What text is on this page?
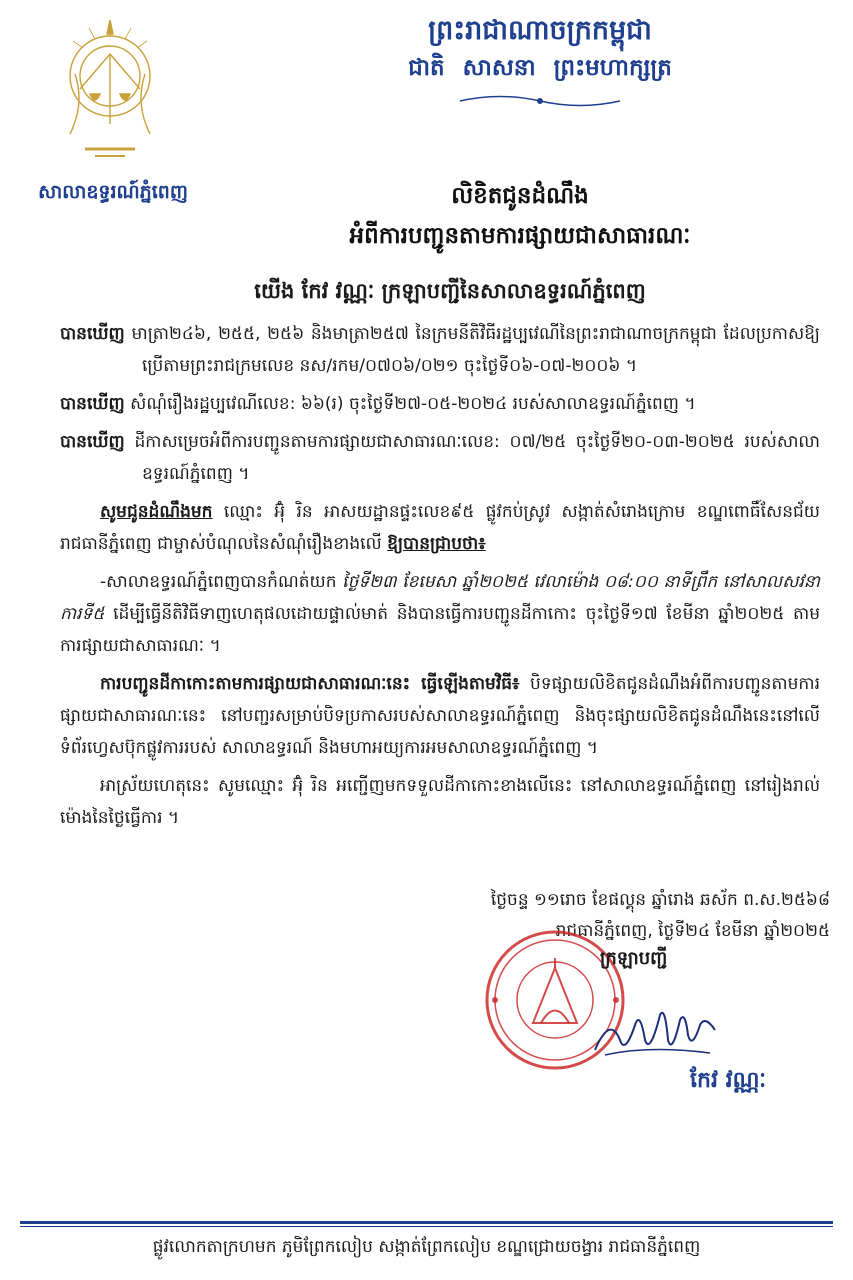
សាលាឧទ្ធរណ៍ភ្នំពេញ
ព្រះរាជាណាចក្រកម្ពុជា
ជាតិ សាសនា ព្រះមហាក្សត្រ
លិខិតជូនដំណឹង
អំពីការបញ្ជូនតាមការផ្សាយជាសាធារណៈ
យើង កែវ វណ្ណៈ ក្រឡាបញ្ជីនៃសាលាឧទ្ធរណ៍ភ្នំពេញ

បានឃើញ មាត្រា២៤៦, ២៥៥, ២៥៦ និងមាត្រា២៥៧ នៃក្រមនីតិវិធីរដ្ឋប្បវេណីនៃព្រះរាជាណាចក្រកម្ពុជា ដែលប្រកាសឱ្យប្រើតាមព្រះរាជក្រមលេខ នស/រកម/០៧០៦/០២១ ចុះថ្ងៃទី០៦-០៧-២០០៦ ។

បានឃើញ សំណុំរឿងរដ្ឋប្បវេណីលេខ: ៦៦(រ) ចុះថ្ងៃទី២៧-០៥-២០២៤ របស់សាលាឧទ្ធរណ៍ភ្នំពេញ ។

បានឃើញ ដីកាសម្រេចអំពីការបញ្ជូនតាមការផ្សាយជាសាធារណៈលេខ: ០៧/២៥ ចុះថ្ងៃទី២០-០៣-២០២៥ របស់សាលាឧទ្ធរណ៍ភ្នំពេញ ។

សូមជូនដំណឹងមក ឈ្មោះ អ៊ុំ រិន អាសយដ្ឋានផ្ទះលេខ៩៥ ផ្លូវកប់ស្រូវ សង្កាត់សំរោងក្រោម ខណ្ឌពោធិ៍សែនជ័យ រាជធានីភ្នំពេញ ជាម្ចាស់បំណុលនៃសំណុំរឿងខាងលើ ឱ្យបានជ្រាបថា៖

-សាលាឧទ្ធរណ៍ភ្នំពេញបានកំណត់យក ថ្ងៃទី២៣ ខែមេសា ឆ្នាំ២០២៥ វេលាម៉ោង ០៨:០០ នាទីព្រឹក នៅសាលសវនាការទី៥ ដើម្បីធ្វើនីតិវិធីទាញហេតុផលដោយផ្ទាល់មាត់ និងបានធ្វើការបញ្ជូនដីកាកោះ ចុះថ្ងៃទី១៧ ខែមីនា ឆ្នាំ២០២៥ តាមការផ្សាយជាសាធារណៈ ។

ការបញ្ជូនដីកាកោះតាមការផ្សាយជាសាធារណៈនេះ ធ្វើឡើងតាមវិធី៖ បិទផ្សាយលិខិតជូនដំណឹងអំពីការបញ្ជូនតាមការផ្សាយជាសាធារណៈនេះ នៅបញ្ជរសម្រាប់បិទប្រកាសរបស់សាលាឧទ្ធរណ៍ភ្នំពេញ និងចុះផ្សាយលិខិតជូនដំណឹងនេះនៅលើទំព័រហ្វេសប៊ុកផ្លូវការរបស់ សាលាឧទ្ធរណ៍ និងមហាអយ្យការអមសាលាឧទ្ធរណ៍ភ្នំពេញ ។

អាស្រ័យហេតុនេះ សូមឈ្មោះ អ៊ុំ រិន អញ្ជើញមកទទួលដីកាកោះខាងលើនេះ នៅសាលាឧទ្ធរណ៍ភ្នំពេញ នៅរៀងរាល់ម៉ោងនៃថ្ងៃធ្វើការ ។

ថ្ងៃចន្ទ ១១រោច ខែផល្គុន ឆ្នាំរោង ឆស័ក ព.ស.២៥៦៨
រាជធានីភ្នំពេញ, ថ្ងៃទី២៤ ខែមីនា ឆ្នាំ២០២៥
ក្រឡាបញ្ជី
កែវ វណ្ណៈ
ផ្លូវលោកតាក្រហមក ភូមិព្រែកលៀប សង្កាត់ព្រែកលៀប ខណ្ឌជ្រោយចង្វារ រាជធានីភ្នំពេញ
